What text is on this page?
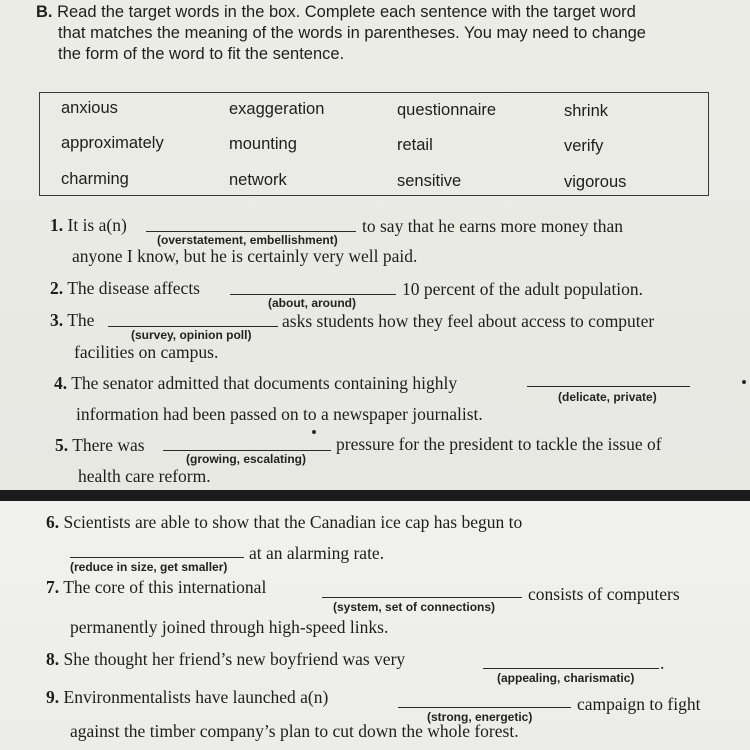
B. Read the target words in the box. Complete each sentence with the target word
that matches the meaning of the words in parentheses. You may need to change
the form of the word to fit the sentence.
anxious	exaggeration	questionnaire	shrink
approximately	mounting	retail	verify
charming	network	sensitive	vigorous
1. It is a(n)
(overstatement, embellishment)
to say that he earns more money than
anyone I know, but he is certainly very well paid.
2. The disease affects
(about, around)
10 percent of the adult population.
3. The
(survey, opinion poll)
asks students how they feel about access to computer
facilities on campus.
4. The senator admitted that documents containing highly
(delicate, private)
information had been passed on to a newspaper journalist.
5. There was
(growing, escalating)
pressure for the president to tackle the issue of
health care reform.
6. Scientists are able to show that the Canadian ice cap has begun to
(reduce in size, get smaller)
at an alarming rate.
7. The core of this international
(system, set of connections)
consists of computers
permanently joined through high-speed links.
8. She thought her friend’s new boyfriend was very
(appealing, charismatic)
.
9. Environmentalists have launched a(n)
(strong, energetic)
campaign to fight
against the timber company’s plan to cut down the whole forest.
